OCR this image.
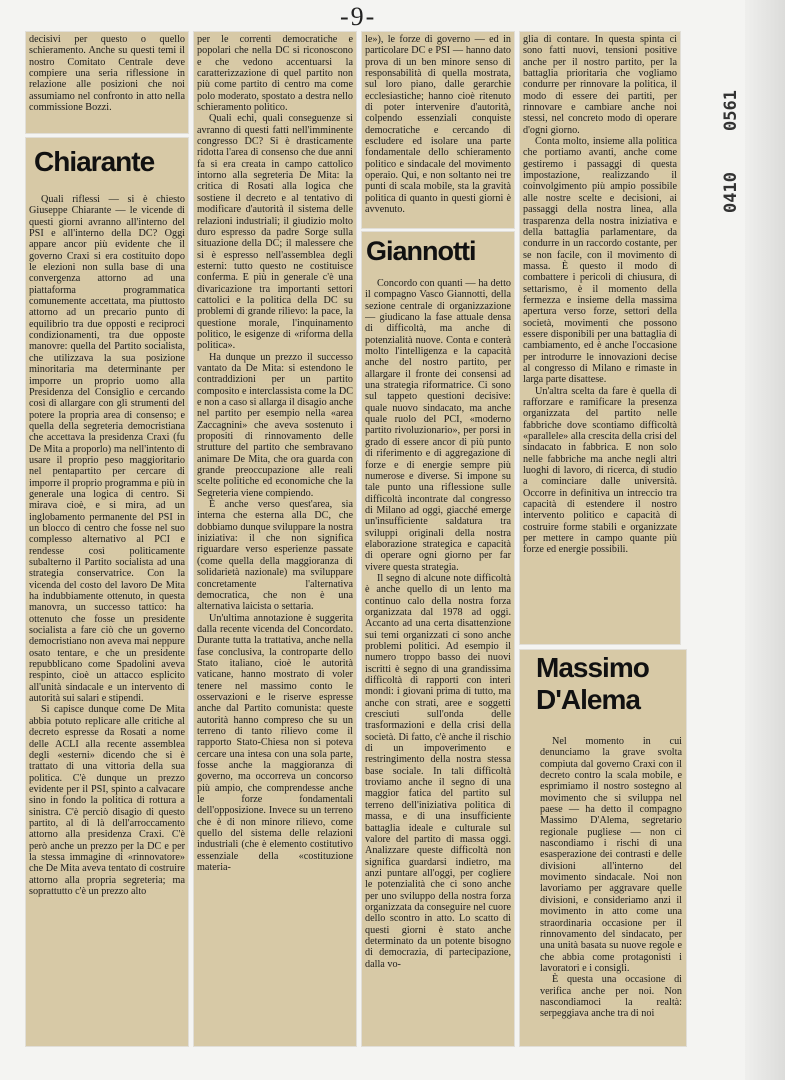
-9-
0561
0410

decisivi per questo o quello schieramento. Anche su questi temi il nostro Comitato Centrale deve compiere una seria riflessione in relazione alle posizioni che noi assumiamo nel confronto in atto nella commissione Bozzi.

Chiarante

Quali riflessi — si è chiesto Giuseppe Chiarante — le vicende di questi giorni avranno all'interno del PSI e all'interno della DC? Oggi appare ancor più evidente che il governo Craxi si era costituito dopo le elezioni non sulla base di una convergenza attorno ad una piattaforma programmatica comunemente accettata, ma piuttosto attorno ad un precario punto di equilibrio tra due opposti e reciproci condizionamenti, tra due opposte manovre: quella del Partito socialista, che utilizzava la sua posizione minoritaria ma determinante per imporre un proprio uomo alla Presidenza del Consiglio e cercando così di allargare con gli strumenti del potere la propria area di consenso; e quella della segreteria democristiana che accettava la presidenza Craxi (fu De Mita a proporlo) ma nell'intento di usare il proprio peso maggioritario nel pentapartito per cercare di imporre il proprio programma e più in generale una logica di centro. Si mirava cioè, e si mira, ad un inglobamento permanente del PSI in un blocco di centro che fosse nel suo complesso alternativo al PCI e rendesse così politicamente subalterno il Partito socialista ad una strategia conservatrice. Con la vicenda del costo del lavoro De Mita ha indubbiamente ottenuto, in questa manovra, un successo tattico: ha ottenuto che fosse un presidente socialista a fare ciò che un governo democristiano non aveva mai neppure osato tentare, e che un presidente repubblicano come Spadolini aveva respinto, cioè un attacco esplicito all'unità sindacale e un intervento di autorità sui salari e stipendi.

Si capisce dunque come De Mita abbia potuto replicare alle critiche al decreto espresse da Rosati a nome delle ACLI alla recente assemblea degli «esterni» dicendo che si è trattato di una vittoria della sua politica. C'è dunque un prezzo evidente per il PSI, spinto a calvacare sino in fondo la politica di rottura a sinistra. C'è perciò disagio di questo partito, al di là dell'arroccamento attorno alla presidenza Craxi. C'è però anche un prezzo per la DC e per la stessa immagine di «rinnovatore» che De Mita aveva tentato di costruire attorno alla propria segreteria; ma soprattutto c'è un prezzo alto

per le correnti democratiche e popolari che nella DC si riconoscono e che vedono accentuarsi la caratterizzazione di quel partito non più come partito di centro ma come polo moderato, spostato a destra nello schieramento politico.

Quali echi, quali conseguenze si avranno di questi fatti nell'imminente congresso DC? Si è drasticamente ridotta l'area di consenso che due anni fa si era creata in campo cattolico intorno alla segreteria De Mita: la critica di Rosati alla logica che sostiene il decreto e al tentativo di modificare d'autorità il sistema delle relazioni industriali; il giudizio molto duro espresso da padre Sorge sulla situazione della DC; il malessere che si è espresso nell'assemblea degli esterni: tutto questo ne costituisce conferma. E più in generale c'è una divaricazione tra importanti settori cattolici e la politica della DC su problemi di grande rilievo: la pace, la questione morale, l'inquinamento politico, le esigenze di «riforma della politica».

Ha dunque un prezzo il successo vantato da De Mita: si estendono le contraddizioni per un partito composito e interclassista come la DC e non a caso si allarga il disagio anche nel partito per esempio nella «area Zaccagnini» che aveva sostenuto i propositi di rinnovamento delle strutture del partito che sembravano animare De Mita, che ora guarda con grande preoccupazione alle reali scelte politiche ed economiche che la Segreteria viene compiendo.

È anche verso quest'area, sia interna che esterna alla DC, che dobbiamo dunque sviluppare la nostra iniziativa: il che non significa riguardare verso esperienze passate (come quella della maggioranza di solidarietà nazionale) ma sviluppare concretamente l'alternativa democratica, che non è una alternativa laicista o settaria.

Un'ultima annotazione è suggerita dalla recente vicenda del Concordato. Durante tutta la trattativa, anche nella fase conclusiva, la controparte dello Stato italiano, cioè le autorità vaticane, hanno mostrato di voler tenere nel massimo conto le osservazioni e le riserve espresse anche dal Partito comunista: queste autorità hanno compreso che su un terreno di tanto rilievo come il rapporto Stato-Chiesa non si poteva cercare una intesa con una sola parte, fosse anche la maggioranza di governo, ma occorreva un concorso più ampio, che comprendesse anche le forze fondamentali dell'opposizione. Invece su un terreno che è di non minore rilievo, come quello del sistema delle relazioni industriali (che è elemento costitutivo essenziale della «costituzione materia-

le»), le forze di governo — ed in particolare DC e PSI — hanno dato prova di un ben minore senso di responsabilità di quella mostrata, sul loro piano, dalle gerarchie ecclesiastiche; hanno cioè ritenuto di poter intervenire d'autorità, colpendo essenziali conquiste democratiche e cercando di escludere ed isolare una parte fondamentale dello schieramento politico e sindacale del movimento operaio. Qui, e non soltanto nei tre punti di scala mobile, sta la gravità politica di quanto in questi giorni è avvenuto.

Giannotti

Concordo con quanti — ha detto il compagno Vasco Giannotti, della sezione centrale di organizzazione — giudicano la fase attuale densa di difficoltà, ma anche di potenzialità nuove. Conta e conterà molto l'intelligenza e la capacità anche del nostro partito, per allargare il fronte dei consensi ad una strategia riformatrice. Ci sono sul tappeto questioni decisive: quale nuovo sindacato, ma anche quale ruolo del PCI, «moderno partito rivoluzionario», per porsi in grado di essere ancor di più punto di riferimento e di aggregazione di forze e di energie sempre più numerose e diverse. Si impone su tale punto una riflessione sulle difficoltà incontrate dal congresso di Milano ad oggi, giacché emerge un'insufficiente saldatura tra sviluppi originali della nostra elaborazione strategica e capacità di operare ogni giorno per far vivere questa strategia.

Il segno di alcune note difficoltà è anche quello di un lento ma continuo calo della nostra forza organizzata dal 1978 ad oggi. Accanto ad una certa disattenzione sui temi organizzati ci sono anche problemi politici. Ad esempio il numero troppo basso dei nuovi iscritti è segno di una grandissima difficoltà di rapporti con interi mondi: i giovani prima di tutto, ma anche con strati, aree e soggetti cresciuti sull'onda delle trasformazioni e della crisi della società. Di fatto, c'è anche il rischio di un impoverimento e restringimento della nostra stessa base sociale. In tali difficoltà troviamo anche il segno di una maggior fatica del partito sul terreno dell'iniziativa politica di massa, e di una insufficiente battaglia ideale e culturale sul valore del partito di massa oggi. Analizzare queste difficoltà non significa guardarsi indietro, ma anzi puntare all'oggi, per cogliere le potenzialità che ci sono anche per uno sviluppo della nostra forza organizzata da conseguire nel cuore dello scontro in atto. Lo scatto di questi giorni è stato anche determinato da un potente bisogno di democrazia, di partecipazione, dalla vo-

glia di contare. In questa spinta ci sono fatti nuovi, tensioni positive anche per il nostro partito, per la battaglia prioritaria che vogliamo condurre per rinnovare la politica, il modo di essere dei partiti, per rinnovare e cambiare anche noi stessi, nel concreto modo di operare d'ogni giorno.

Conta molto, insieme alla politica che portiamo avanti, anche come gestiremo i passaggi di questa impostazione, realizzando il coinvolgimento più ampio possibile alle nostre scelte e decisioni, ai passaggi della nostra linea, alla trasparenza della nostra iniziativa e della battaglia parlamentare, da condurre in un raccordo costante, per se non facile, con il movimento di massa. È questo il modo di combattere i pericoli di chiusura, di settarismo, è il momento della fermezza e insieme della massima apertura verso forze, settori della società, movimenti che possono essere disponibili per una battaglia di cambiamento, ed è anche l'occasione per introdurre le innovazioni decise al congresso di Milano e rimaste in larga parte disattese.

Un'altra scelta da fare è quella di rafforzare e ramificare la presenza organizzata del partito nelle fabbriche dove scontiamo difficoltà «parallele» alla crescita della crisi del sindacato in fabbrica. E non solo nelle fabbriche ma anche negli altri luoghi di lavoro, di ricerca, di studio a cominciare dalle università. Occorre in definitiva un intreccio tra capacità di estendere il nostro intervento politico e capacità di costruire forme stabili e organizzate per mettere in campo quante più forze ed energie possibili.

Massimo
D'Alema

Nel momento in cui denunciamo la grave svolta compiuta dal governo Craxi con il decreto contro la scala mobile, e esprimiamo il nostro sostegno al movimento che si sviluppa nel paese — ha detto il compagno Massimo D'Alema, segretario regionale pugliese — non ci nascondiamo i rischi di una esasperazione dei contrasti e delle divisioni all'interno del movimento sindacale. Noi non lavoriamo per aggravare quelle divisioni, e consideriamo anzi il movimento in atto come una straordinaria occasione per il rinnovamento del sindacato, per una unità basata su nuove regole e che abbia come protagonisti i lavoratori e i consigli.

È questa una occasione di verifica anche per noi. Non nascondiamoci la realtà: serpeggiava anche tra di noi
